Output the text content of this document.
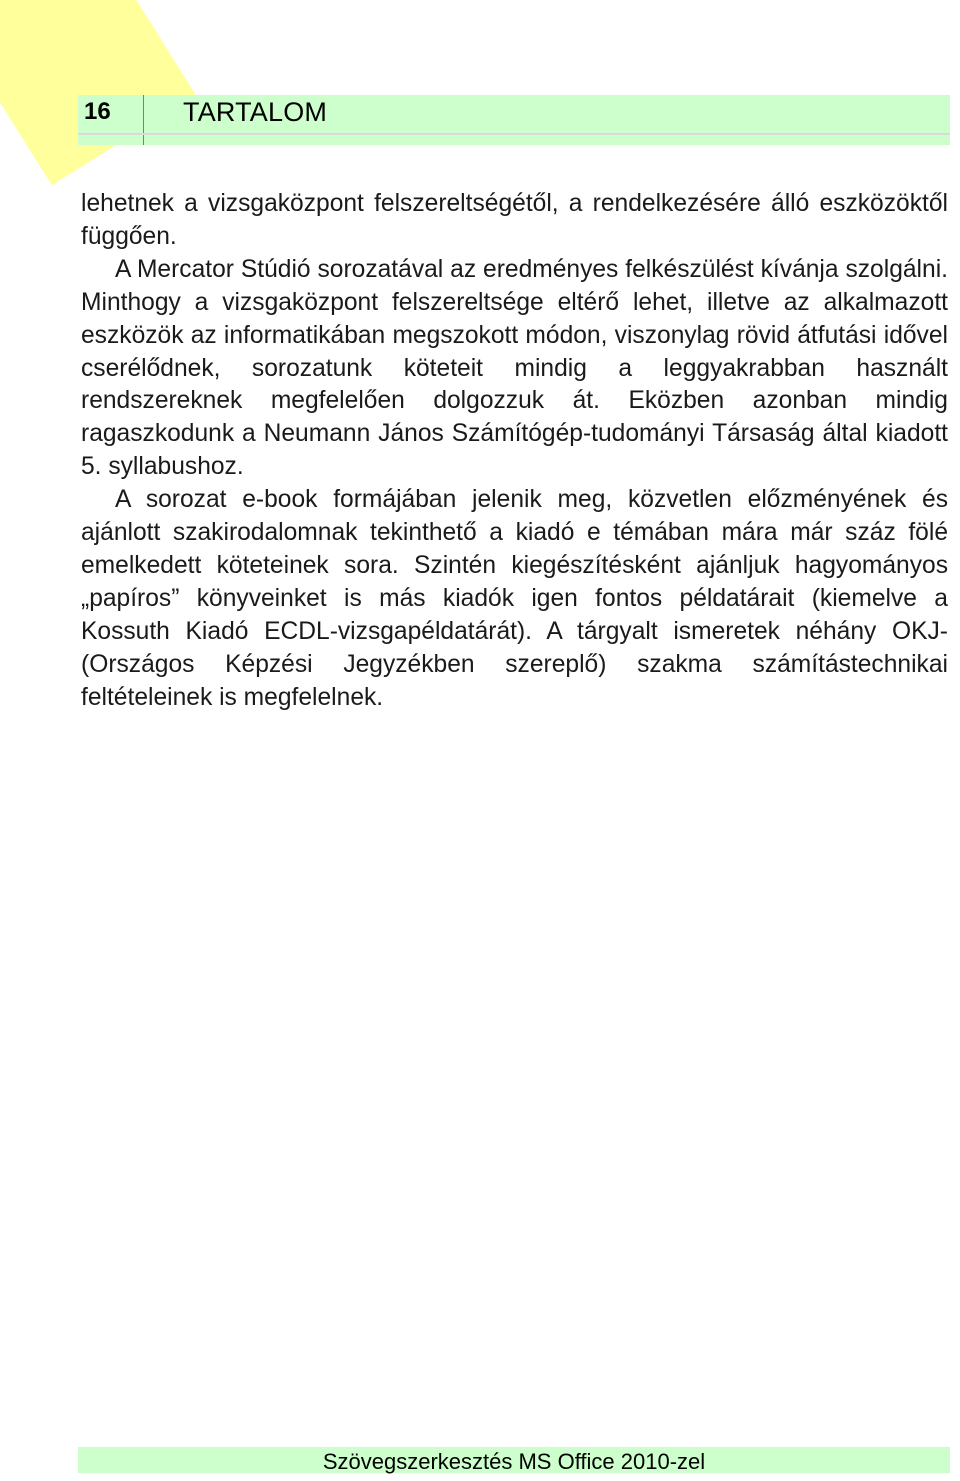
16	TARTALOM

lehetnek a vizsgaközpont felszereltségétől, a rendelkezésére álló eszközöktől függően.

A Mercator Stúdió sorozatával az eredményes felkészülést kívánja szolgálni. Minthogy a vizsgaközpont felszereltsége eltérő lehet, illetve az alkalmazott eszközök az informatikában megszokott módon, viszonylag rövid átfutási idővel cserélődnek, sorozatunk köteteit mindig a leggyakrabban használt rendszereknek megfelelően dolgozzuk át. Eközben azonban mindig ragaszkodunk a Neumann János Számítógép-tudományi Társaság által kiadott 5. syllabushoz.

A sorozat e-book formájában jelenik meg, közvetlen előzményének és ajánlott szakirodalomnak tekinthető a kiadó e témában mára már száz fölé emelkedett köteteinek sora. Szintén kiegészítésként ajánljuk hagyományos „papíros” könyveinket is más kiadók igen fontos példatárait (kiemelve a Kossuth Kiadó ECDL-vizsgapéldatárát). A tárgyalt ismeretek néhány OKJ- (Országos Képzési Jegyzékben szereplő) szakma számítástechnikai feltételeinek is megfelelnek.

Szövegszerkesztés MS Office 2010-zel
